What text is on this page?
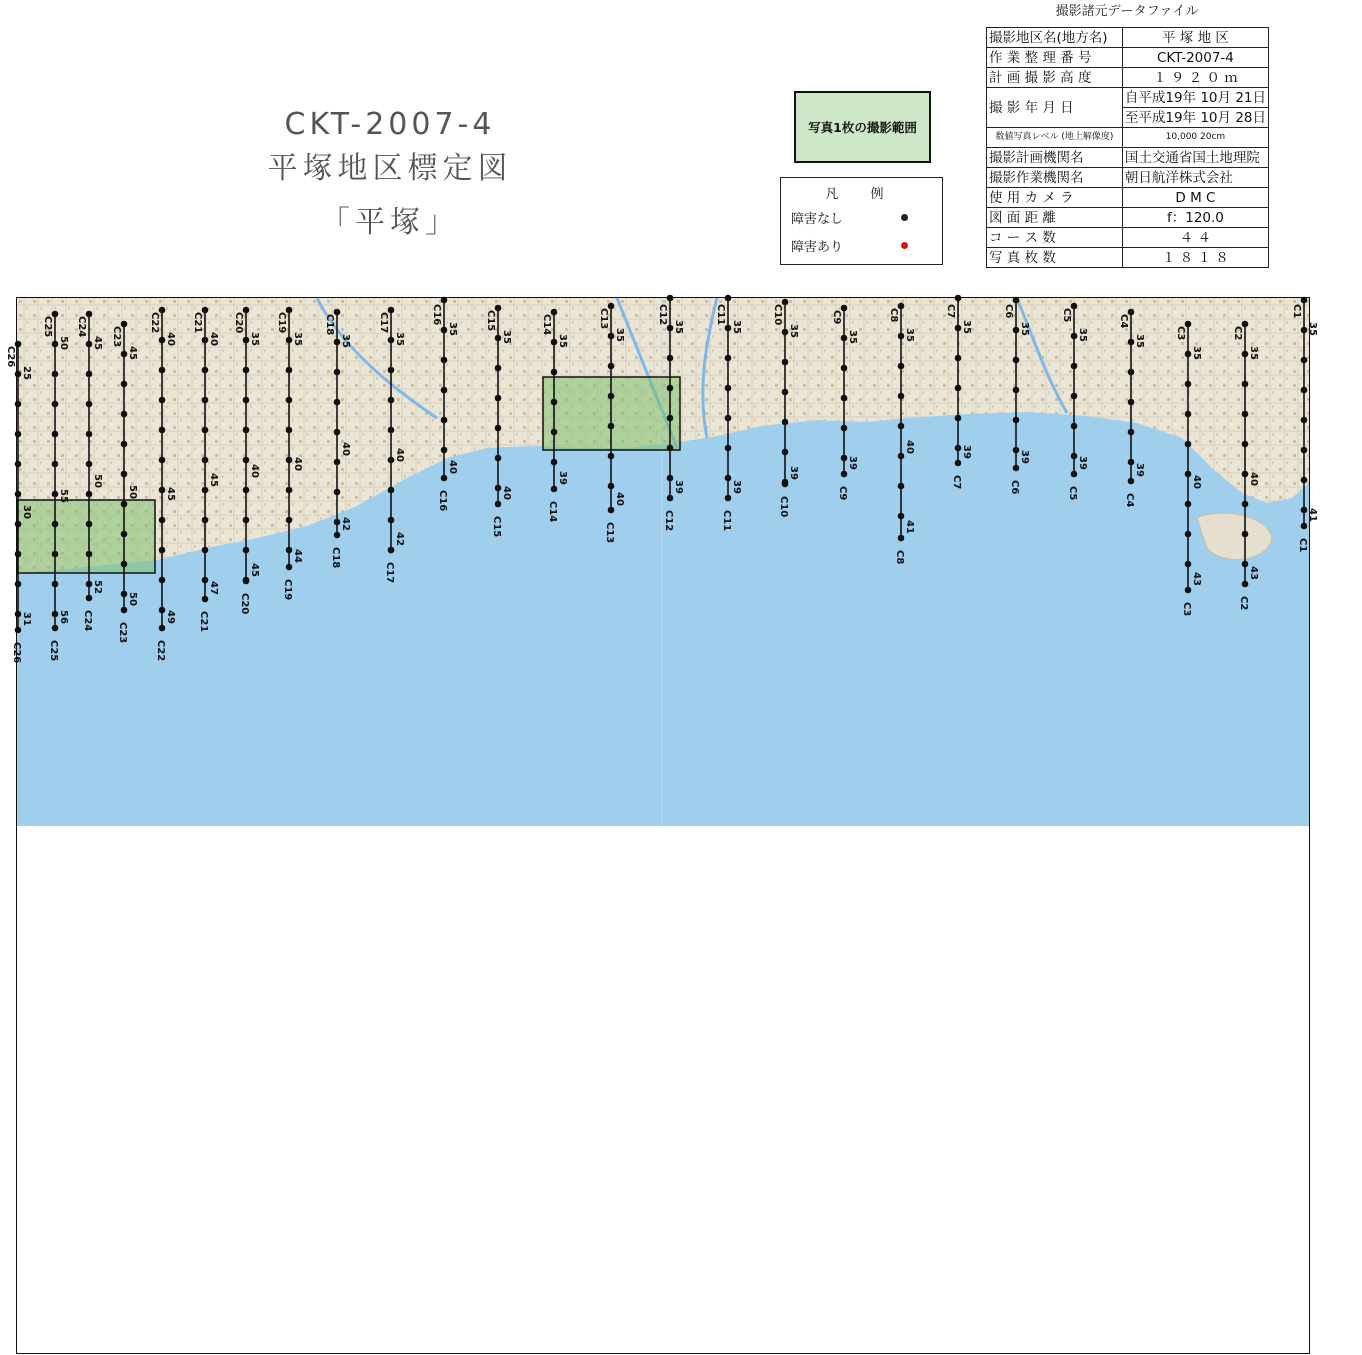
CKT-2007-4
平塚地区標定図
「平塚」
写真1枚の撮影範囲
凡 例
障害なし
障害あり
撮影諸元データファイル
撮影地区名(地方名)	平 塚 地 区
作 業 整 理 番 号	CKT-2007-4
計 画 撮 影 高 度	１ ９ ２ ０ ｍ
撮 影 年 月 日	自平成19年 10月 21日
	至平成19年 10月 28日
数値写真レベル (地上解像度)	10,000 20cm
撮影計画機関名	国土交通省国土地理院
撮影作業機関名	朝日航洋株式会社
使 用 カ メ ラ	D M C
図 面 距 離	f：120.0
コ ー ス 数	４ ４
写 真 枚 数	１ ８ １ ８
C1
35
41
C1
C2
35
40
43
C2
C3
35
40
43
C3
C4
35
39
C4
C5
35
39
C5
C6
35
39
C6
C7
35
39
C7
C8
35
40
41
C8
C9
35
39
C9
C10
35
39
C10
C11
35
39
C11
C12
35
39
C12
C13
35
40
C13
C14
35
39
C14
C15
35
40
C15
C16
35
40
C16
C17
35
40
42
C17
C18
35
40
42
C18
C19
35
40
44
C19
C20
35
40
45
C20
C21
40
45
47
C21
C22
40
45
49
C22
C23
45
50
50
C23
C24
45
50
52
C24
C25
50
55
56
C25
C26
25
30
31
C26
